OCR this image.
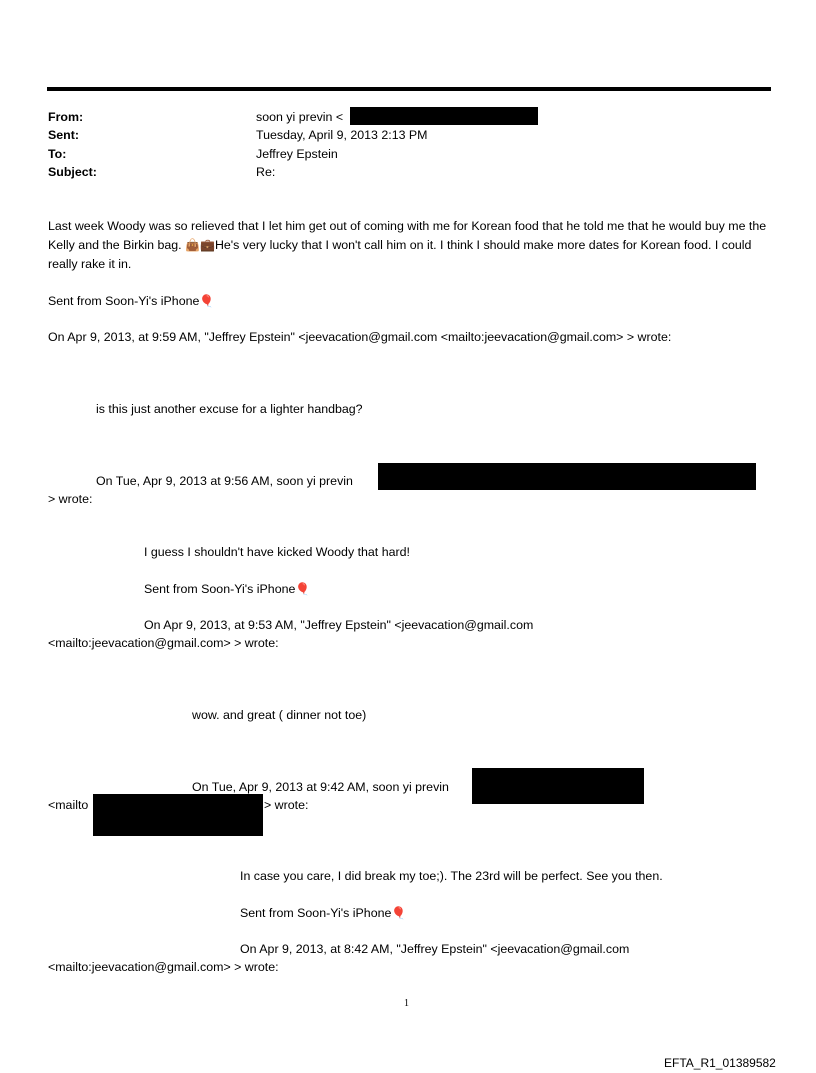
From:	soon yi previn <
Sent:	Tuesday, April 9, 2013 2:13 PM
To:	Jeffrey Epstein
Subject:	Re:
Last week Woody was so relieved that I let him get out of coming with me for Korean food that he told me that he would buy me the Kelly and the Birkin bag. 👜💼He's very lucky that I won't call him on it. I think I should make more dates for Korean food. I could really rake it in.
Sent from Soon-Yi's iPhone🎈
On Apr 9, 2013, at 9:59 AM, "Jeffrey Epstein" <jeevacation@gmail.com <mailto:jeevacation@gmail.com> > wrote:
is this just another excuse for a lighter handbag?
On Tue, Apr 9, 2013 at 9:56 AM, soon yi previn
> wrote:
I guess I shouldn't have kicked Woody that hard!
Sent from Soon-Yi's iPhone🎈
On Apr 9, 2013, at 9:53 AM, "Jeffrey Epstein" <jeevacation@gmail.com
<mailto:jeevacation@gmail.com> > wrote:
wow. and great ( dinner not toe)
On Tue, Apr 9, 2013 at 9:42 AM, soon yi previn
<mailto	> wrote:
In case you care, I did break my toe;). The 23rd will be perfect. See you then.
Sent from Soon-Yi's iPhone🎈
On Apr 9, 2013, at 8:42 AM, "Jeffrey Epstein" <jeevacation@gmail.com
<mailto:jeevacation@gmail.com> > wrote:
1
EFTA_R1_01389582
